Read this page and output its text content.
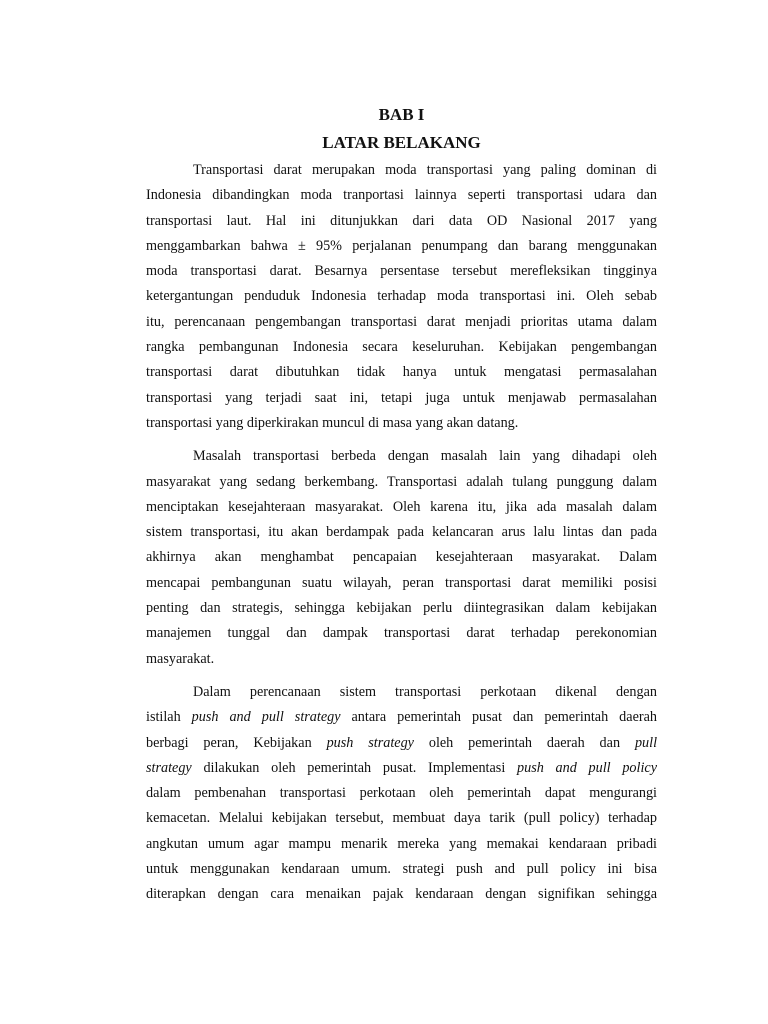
BAB I
LATAR BELAKANG

Transportasi darat merupakan moda transportasi yang paling dominan di
Indonesia dibandingkan moda tranportasi lainnya seperti transportasi udara dan
transportasi laut. Hal ini ditunjukkan dari data OD Nasional 2017 yang
menggambarkan bahwa ± 95% perjalanan penumpang dan barang menggunakan
moda transportasi darat. Besarnya persentase tersebut merefleksikan tingginya
ketergantungan penduduk Indonesia terhadap moda transportasi ini. Oleh sebab
itu, perencanaan pengembangan transportasi darat menjadi prioritas utama dalam
rangka pembangunan Indonesia secara keseluruhan. Kebijakan pengembangan
transportasi darat dibutuhkan tidak hanya untuk mengatasi permasalahan
transportasi yang terjadi saat ini, tetapi juga untuk menjawab permasalahan
transportasi yang diperkirakan muncul di masa yang akan datang.

Masalah transportasi berbeda dengan masalah lain yang dihadapi oleh
masyarakat yang sedang berkembang. Transportasi adalah tulang punggung dalam
menciptakan kesejahteraan masyarakat. Oleh karena itu, jika ada masalah dalam
sistem transportasi, itu akan berdampak pada kelancaran arus lalu lintas dan pada
akhirnya akan menghambat pencapaian kesejahteraan masyarakat. Dalam
mencapai pembangunan suatu wilayah, peran transportasi darat memiliki posisi
penting dan strategis, sehingga kebijakan perlu diintegrasikan dalam kebijakan
manajemen tunggal dan dampak transportasi darat terhadap perekonomian
masyarakat.

Dalam perencanaan sistem transportasi perkotaan dikenal dengan
istilah push and pull strategy antara pemerintah pusat dan pemerintah daerah
berbagi peran, Kebijakan push strategy oleh pemerintah daerah dan pull
strategy dilakukan oleh pemerintah pusat. Implementasi push and pull policy
dalam pembenahan transportasi perkotaan oleh pemerintah dapat mengurangi
kemacetan. Melalui kebijakan tersebut, membuat daya tarik (pull policy) terhadap
angkutan umum agar mampu menarik mereka yang memakai kendaraan pribadi
untuk menggunakan kendaraan umum. strategi push and pull policy ini bisa
diterapkan dengan cara menaikan pajak kendaraan dengan signifikan sehingga
